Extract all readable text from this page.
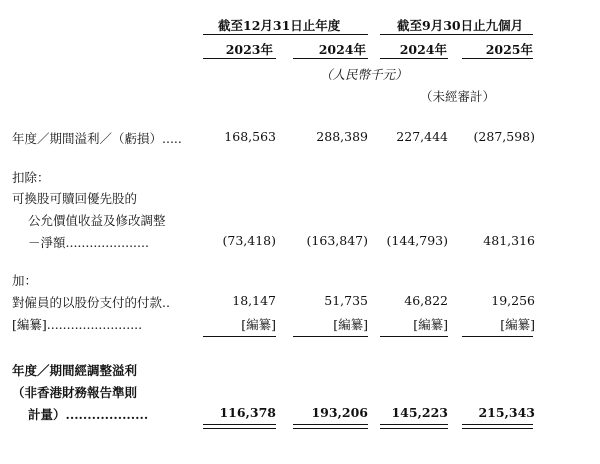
截至12月31日止年度	截至9月30日止九個月
2023年	2024年	2024年	2025年
（人民幣千元）
（未經審計）
年度／期間溢利／（虧損）.....	168,563	288,389	227,444	(287,598)
扣除：
可換股可贖回優先股的
公允價值收益及修改調整
－淨額.....................	(73,418)	(163,847)	(144,793)	481,316
加：
對僱員的以股份支付的付款..	18,147	51,735	46,822	19,256
[編纂]........................	[編纂]	[編纂]	[編纂]	[編纂]
年度／期間經調整溢利
（非香港財務報告準則
計量）...................	116,378	193,206	145,223	215,343
